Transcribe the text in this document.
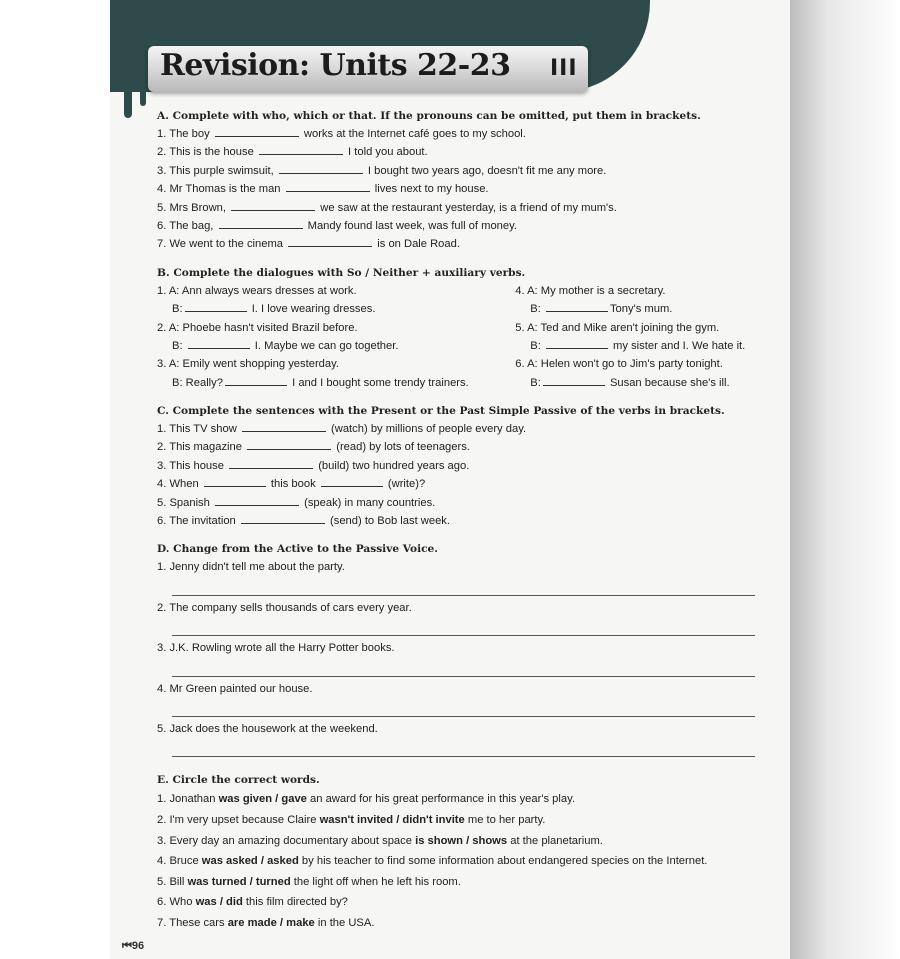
Revision: Units 22-23 III
A. Complete with who, which or that. If the pronouns can be omitted, put them in brackets.
1. The boy	works at the Internet café goes to my school.
2. This is the house	I told you about.
3. This purple swimsuit,	I bought two years ago, doesn't fit me any more.
4. Mr Thomas is the man	lives next to my house.
5. Mrs Brown,	we saw at the restaurant yesterday, is a friend of my mum's.
6. The bag,	Mandy found last week, was full of money.
7. We went to the cinema	is on Dale Road.
B. Complete the dialogues with So / Neither + auxiliary verbs.
1. A: Ann always wears dresses at work.
B:	I. I love wearing dresses.
2. A: Phoebe hasn't visited Brazil before.
B:	I. Maybe we can go together.
3. A: Emily went shopping yesterday.
B: Really?	I and I bought some trendy trainers.
4. A: My mother is a secretary.
B:	Tony's mum.
5. A: Ted and Mike aren't joining the gym.
B:	my sister and I. We hate it.
6. A: Helen won't go to Jim's party tonight.
B:	Susan because she's ill.
C. Complete the sentences with the Present or the Past Simple Passive of the verbs in brackets.
1. This TV show	(watch) by millions of people every day.
2. This magazine	(read) by lots of teenagers.
3. This house	(build) two hundred years ago.
4. When	this book	(write)?
5. Spanish	(speak) in many countries.
6. The invitation	(send) to Bob last week.
D. Change from the Active to the Passive Voice.
1. Jenny didn't tell me about the party.
2. The company sells thousands of cars every year.
3. J.K. Rowling wrote all the Harry Potter books.
4. Mr Green painted our house.
5. Jack does the housework at the weekend.
E. Circle the correct words.
1. Jonathan was given / gave an award for his great performance in this year's play.
2. I'm very upset because Claire wasn't invited / didn't invite me to her party.
3. Every day an amazing documentary about space is shown / shows at the planetarium.
4. Bruce was asked / asked by his teacher to find some information about endangered species on the Internet.
5. Bill was turned / turned the light off when he left his room.
6. Who was / did this film directed by?
7. These cars are made / make in the USA.
⏮96
